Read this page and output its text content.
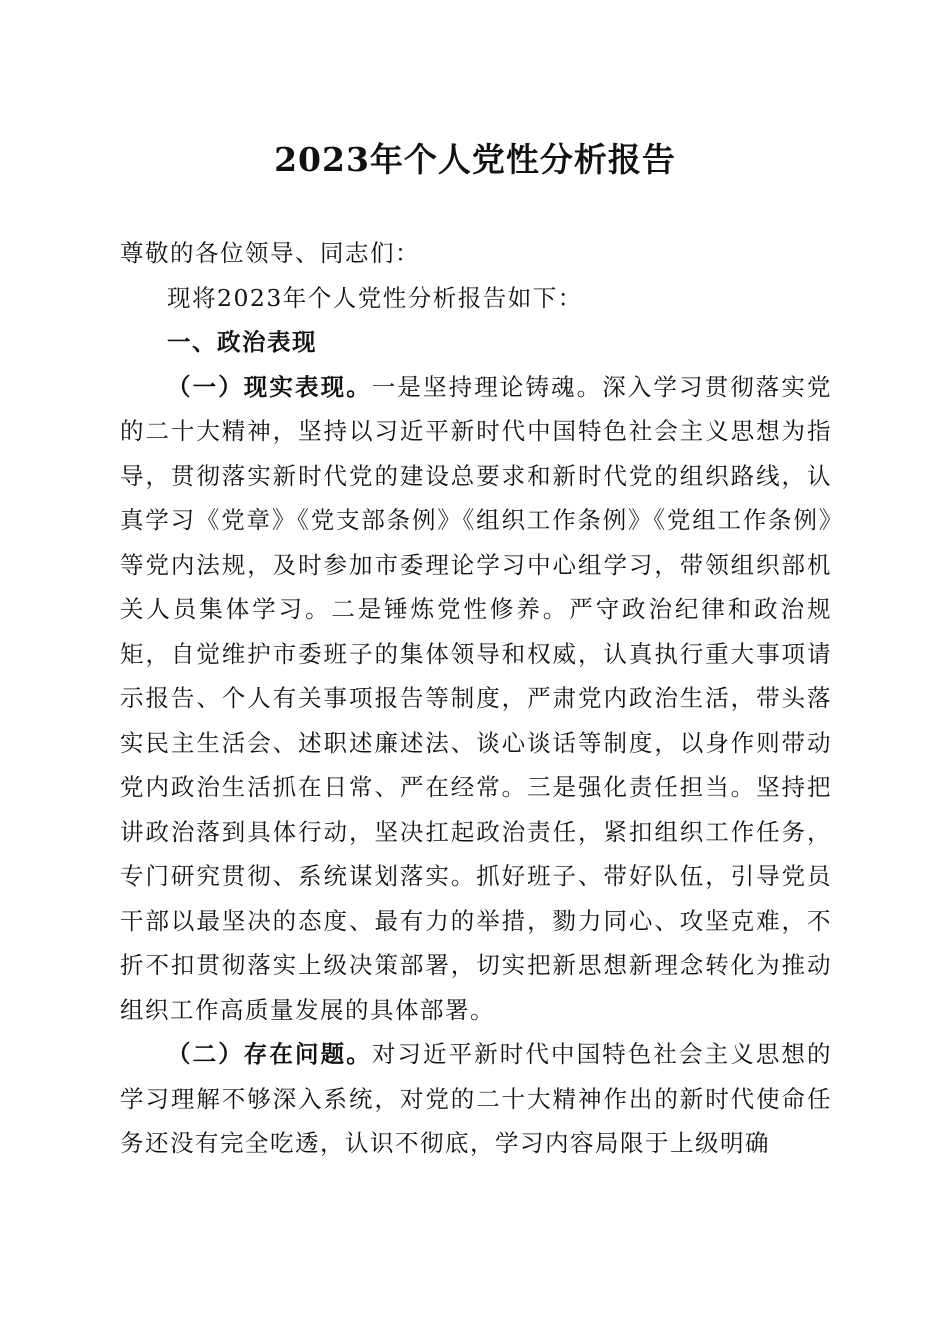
2023年个人党性分析报告

尊敬的各位领导、同志们：

现将2023年个人党性分析报告如下：

一、政治表现

（一）现实表现。一是坚持理论铸魂。深入学习贯彻落实党的二十大精神，坚持以习近平新时代中国特色社会主义思想为指导，贯彻落实新时代党的建设总要求和新时代党的组织路线，认真学习《党章》《党支部条例》《组织工作条例》《党组工作条例》等党内法规，及时参加市委理论学习中心组学习，带领组织部机关人员集体学习。二是锤炼党性修养。严守政治纪律和政治规矩，自觉维护市委班子的集体领导和权威，认真执行重大事项请示报告、个人有关事项报告等制度，严肃党内政治生活，带头落实民主生活会、述职述廉述法、谈心谈话等制度，以身作则带动党内政治生活抓在日常、严在经常。三是强化责任担当。坚持把讲政治落到具体行动，坚决扛起政治责任，紧扣组织工作任务，专门研究贯彻、系统谋划落实。抓好班子、带好队伍，引导党员干部以最坚决的态度、最有力的举措，勠力同心、攻坚克难，不折不扣贯彻落实上级决策部署，切实把新思想新理念转化为推动组织工作高质量发展的具体部署。

（二）存在问题。对习近平新时代中国特色社会主义思想的学习理解不够深入系统，对党的二十大精神作出的新时代使命任务还没有完全吃透，认识不彻底，学习内容局限于上级明确
